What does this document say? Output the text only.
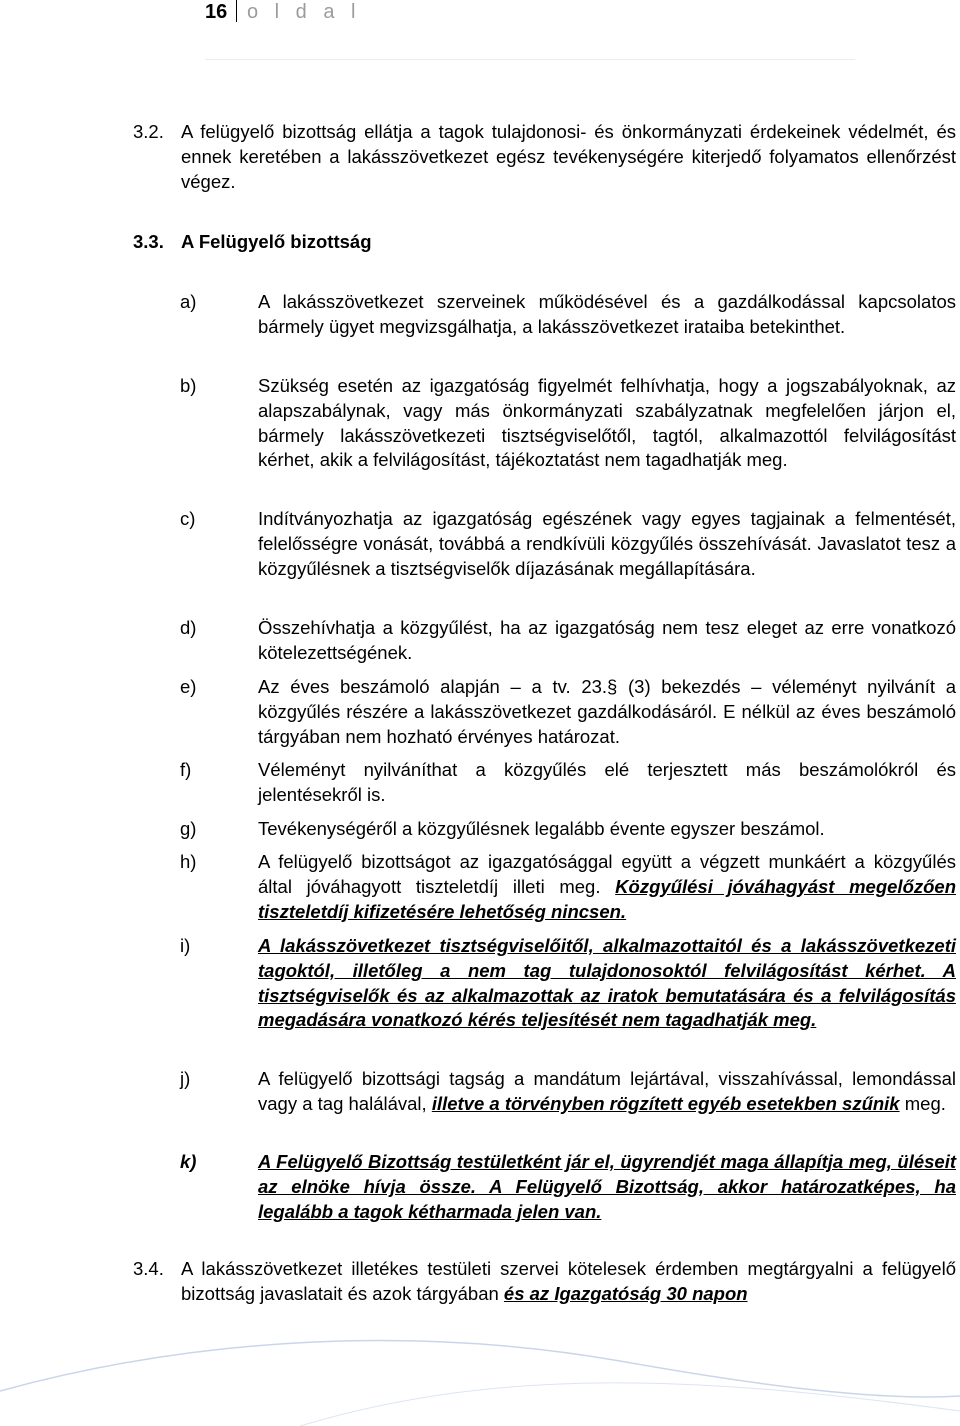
16 o l d a l
3.2. A felügyelő bizottság ellátja a tagok tulajdonosi- és önkormányzati érdekeinek védelmét, és ennek keretében a lakásszövetkezet egész tevékenységére kiterjedő folyamatos ellenőrzést végez.
3.3. A Felügyelő bizottság
a)	A lakásszövetkezet szerveinek működésével és a gazdálkodással kapcsolatos bármely ügyet megvizsgálhatja, a lakásszövetkezet irataiba betekinthet.
b)	Szükség esetén az igazgatóság figyelmét felhívhatja, hogy a jogszabályoknak, az alapszabálynak, vagy más önkormányzati szabályzatnak megfelelően járjon el, bármely lakásszövetkezeti tisztségviselőtől, tagtól, alkalmazottól felvilágosítást kérhet, akik a felvilágosítást, tájékoztatást nem tagadhatják meg.
c)	Indítványozhatja az igazgatóság egészének vagy egyes tagjainak a felmentését, felelősségre vonását, továbbá a rendkívüli közgyűlés összehívását. Javaslatot tesz a közgyűlésnek a tisztségviselők díjazásának megállapítására.
d)	Összehívhatja a közgyűlést, ha az igazgatóság nem tesz eleget az erre vonatkozó kötelezettségének.
e)	Az éves beszámoló alapján – a tv. 23.§ (3) bekezdés – véleményt nyilvánít a közgyűlés részére a lakásszövetkezet gazdálkodásáról. E nélkül az éves beszámoló tárgyában nem hozható érvényes határozat.
f)	Véleményt nyilváníthat a közgyűlés elé terjesztett más beszámolókról és jelentésekről is.
g)	Tevékenységéről a közgyűlésnek legalább évente egyszer beszámol.
h)	A felügyelő bizottságot az igazgatósággal együtt a végzett munkáért a közgyűlés által jóváhagyott tiszteletdíj illeti meg. Közgyűlési jóváhagyást megelőzően tiszteletdíj kifizetésére lehetőség nincsen.
i)	A lakásszövetkezet tisztségviselőitől, alkalmazottaitól és a lakásszövetkezeti tagoktól, illetőleg a nem tag tulajdonosoktól felvilágosítást kérhet. A tisztségviselők és az alkalmazottak az iratok bemutatására és a felvilágosítás megadására vonatkozó kérés teljesítését nem tagadhatják meg.
j)	A felügyelő bizottsági tagság a mandátum lejártával, visszahívással, lemondással vagy a tag halálával, illetve a törvényben rögzített egyéb esetekben szűnik meg.
k)	A Felügyelő Bizottság testületként jár el, ügyrendjét maga állapítja meg, üléseit az elnöke hívja össze. A Felügyelő Bizottság, akkor határozatképes, ha legalább a tagok kétharmada jelen van.
3.4. A lakásszövetkezet illetékes testületi szervei kötelesek érdemben megtárgyalni a felügyelő bizottság javaslatait és azok tárgyában és az Igazgatóság 30 napon
